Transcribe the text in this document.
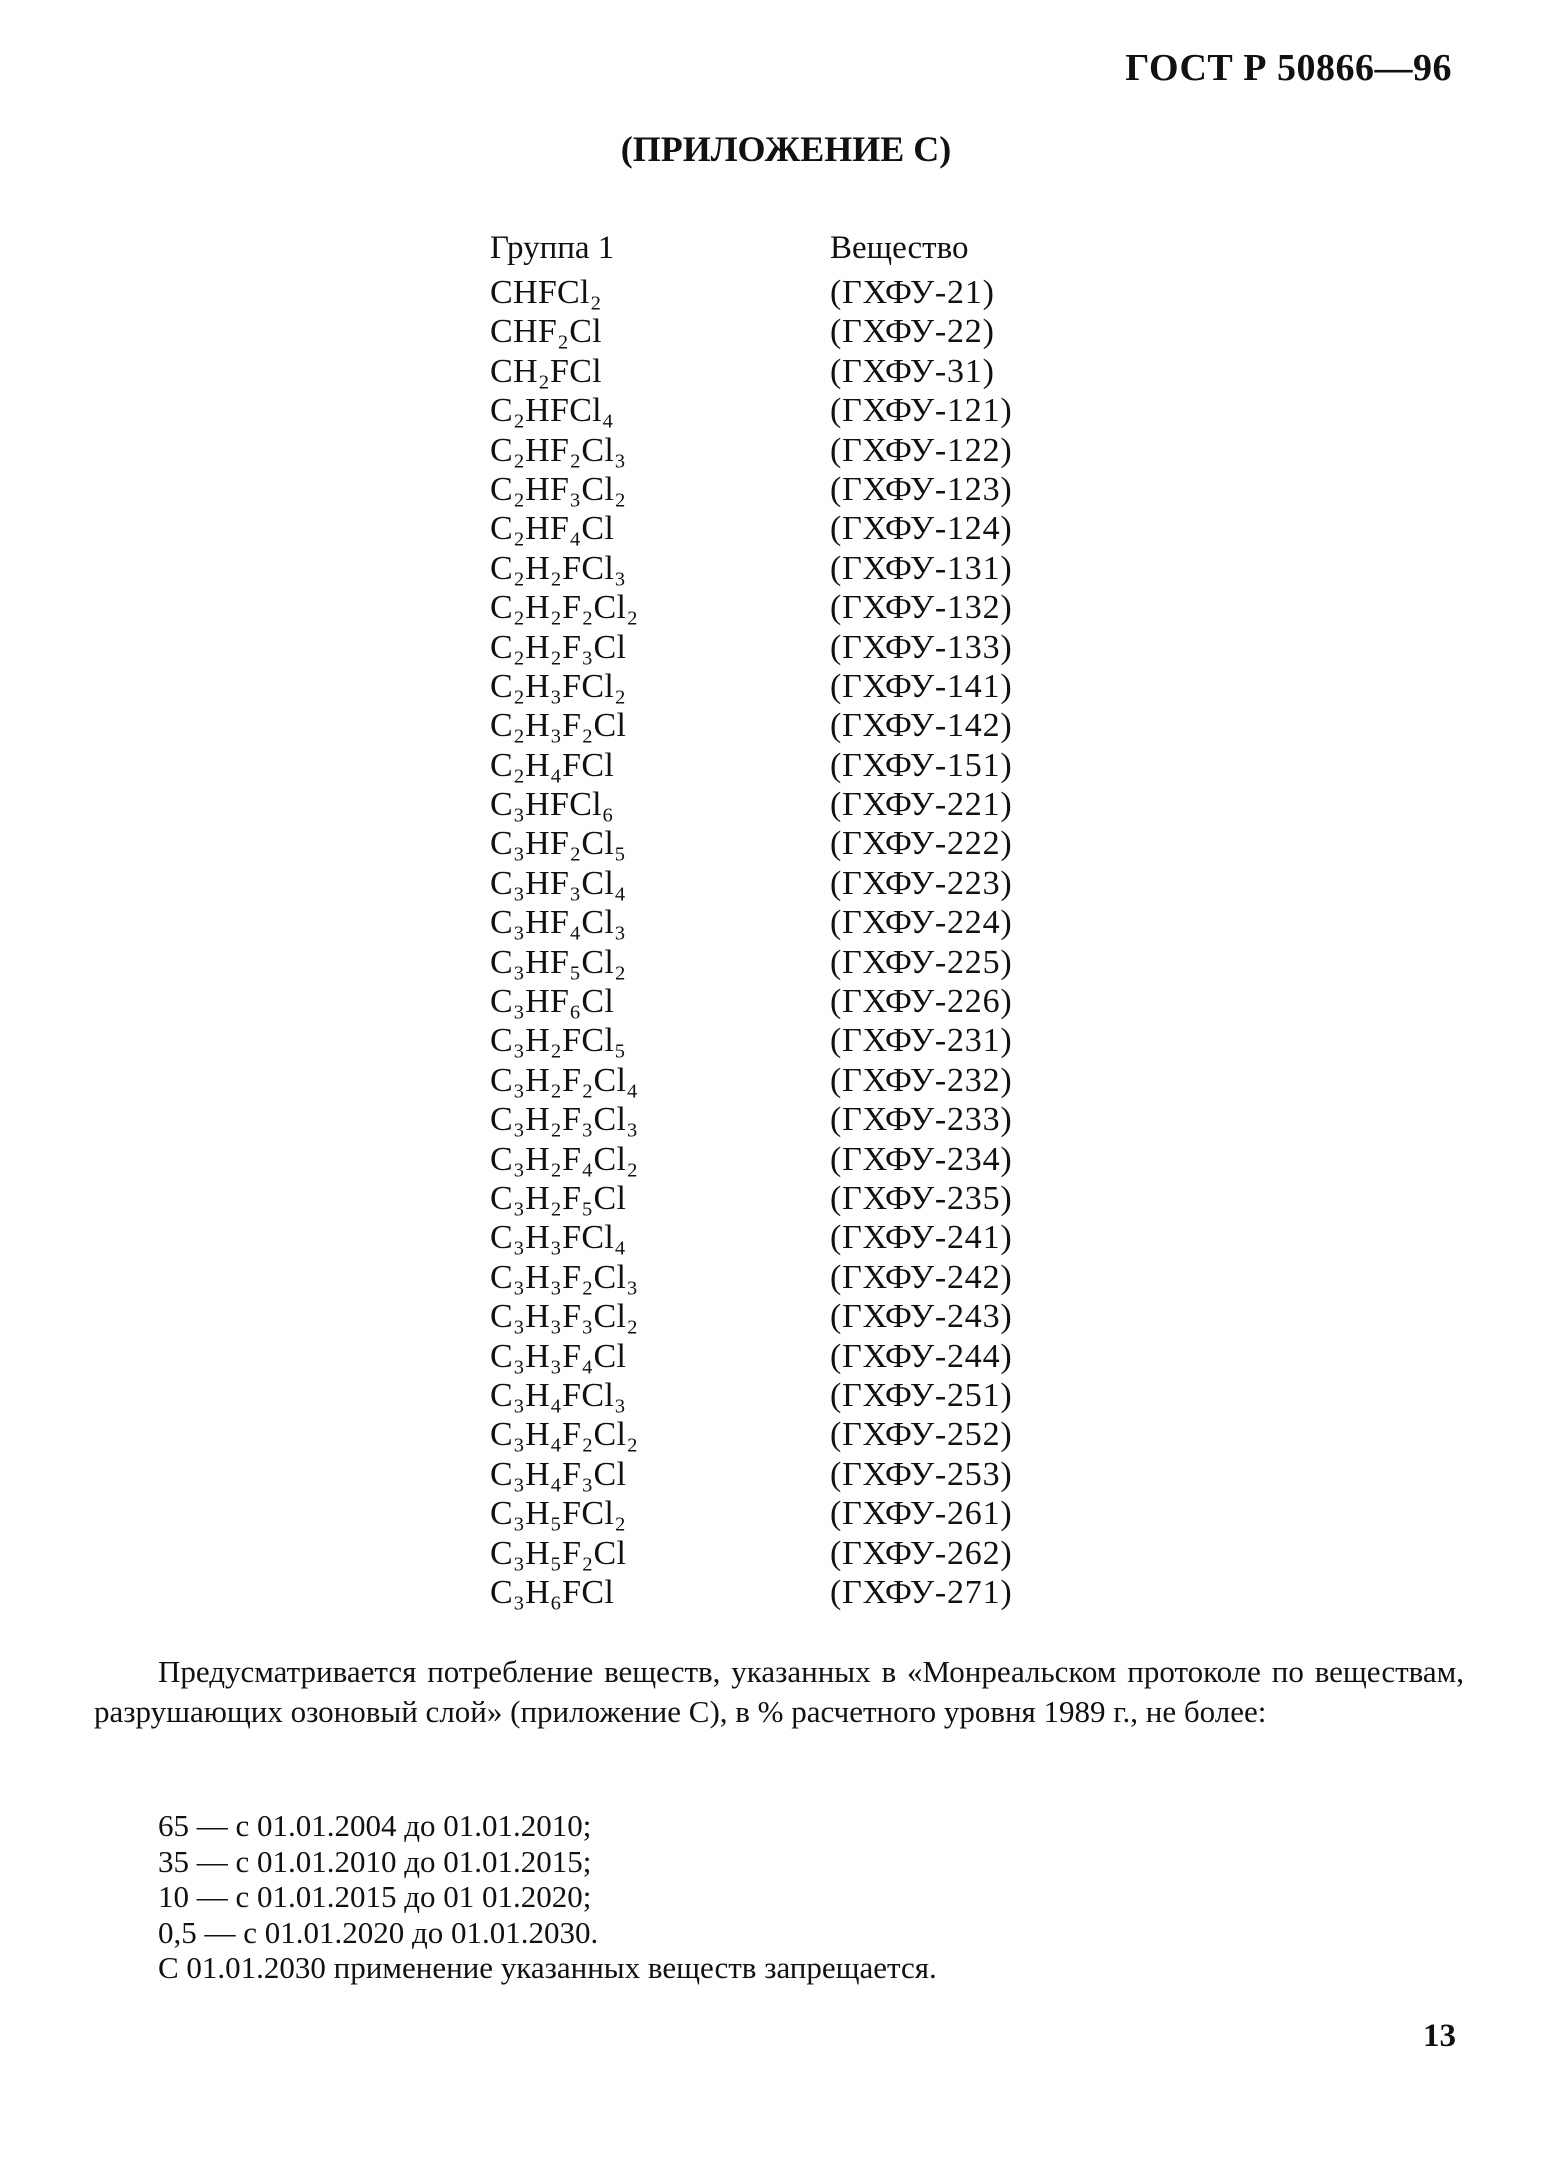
ГОСТ Р 50866—96
(ПРИЛОЖЕНИЕ С)
Группа 1	Вещество
CHFCl₂	(ГХФУ-21)
CHF₂Cl	(ГХФУ-22)
CH₂FCl	(ГХФУ-31)
C₂HFCl₄	(ГХФУ-121)
C₂HF₂Cl₃	(ГХФУ-122)
C₂HF₃Cl₂	(ГХФУ-123)
C₂HF₄Cl	(ГХФУ-124)
C₂H₂FCl₃	(ГХФУ-131)
C₂H₂F₂Cl₂	(ГХФУ-132)
C₂H₂F₃Cl	(ГХФУ-133)
C₂H₃FCl₂	(ГХФУ-141)
C₂H₃F₂Cl	(ГХФУ-142)
C₂H₄FCl	(ГХФУ-151)
C₃HFCl₆	(ГХФУ-221)
C₃HF₂Cl₅	(ГХФУ-222)
C₃HF₃Cl₄	(ГХФУ-223)
C₃HF₄Cl₃	(ГХФУ-224)
C₃HF₅Cl₂	(ГХФУ-225)
C₃HF₆Cl	(ГХФУ-226)
C₃H₂FCl₅	(ГХФУ-231)
C₃H₂F₂Cl₄	(ГХФУ-232)
C₃H₂F₃Cl₃	(ГХФУ-233)
C₃H₂F₄Cl₂	(ГХФУ-234)
C₃H₂F₅Cl	(ГХФУ-235)
C₃H₃FCl₄	(ГХФУ-241)
C₃H₃F₂Cl₃	(ГХФУ-242)
C₃H₃F₃Cl₂	(ГХФУ-243)
C₃H₃F₄Cl	(ГХФУ-244)
C₃H₄FCl₃	(ГХФУ-251)
C₃H₄F₂Cl₂	(ГХФУ-252)
C₃H₄F₃Cl	(ГХФУ-253)
C₃H₅FCl₂	(ГХФУ-261)
C₃H₅F₂Cl	(ГХФУ-262)
C₃H₆FCl	(ГХФУ-271)
Предусматривается потребление веществ, указанных в «Монреальском протоколе по веществам, разрушающих озоновый слой» (приложение С), в % расчетного уровня 1989 г., не более:
65 — с 01.01.2004 до 01.01.2010;
35 — с 01.01.2010 до 01.01.2015;
10 — с 01.01.2015 до 01 01.2020;
0,5 — с 01.01.2020 до 01.01.2030.
С 01.01.2030 применение указанных веществ запрещается.
13
